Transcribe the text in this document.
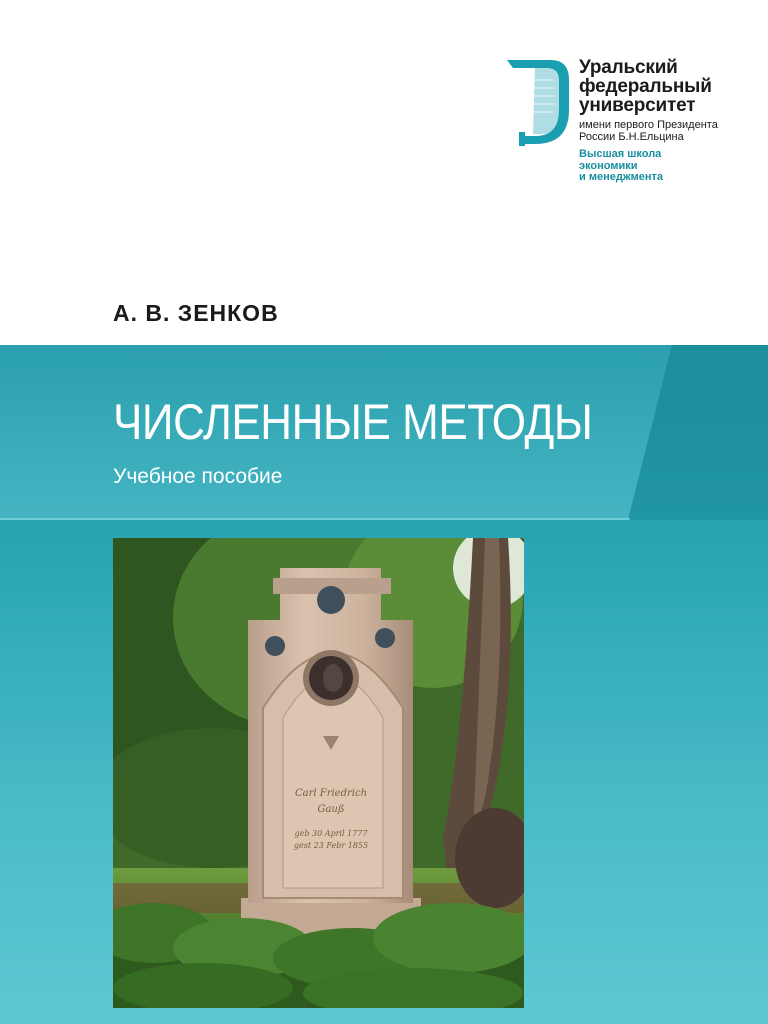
Уральский
федеральный
университет
имени первого Президента
России Б.Н.Ельцина
Высшая школа
экономики
и менеджмента
А. В. ЗЕНКОВ
ЧИСЛЕННЫЕ МЕТОДЫ
Учебное пособие
Carl Friedrich
Gauß
geb 30 April 1777
gest 23 Febr 1855
